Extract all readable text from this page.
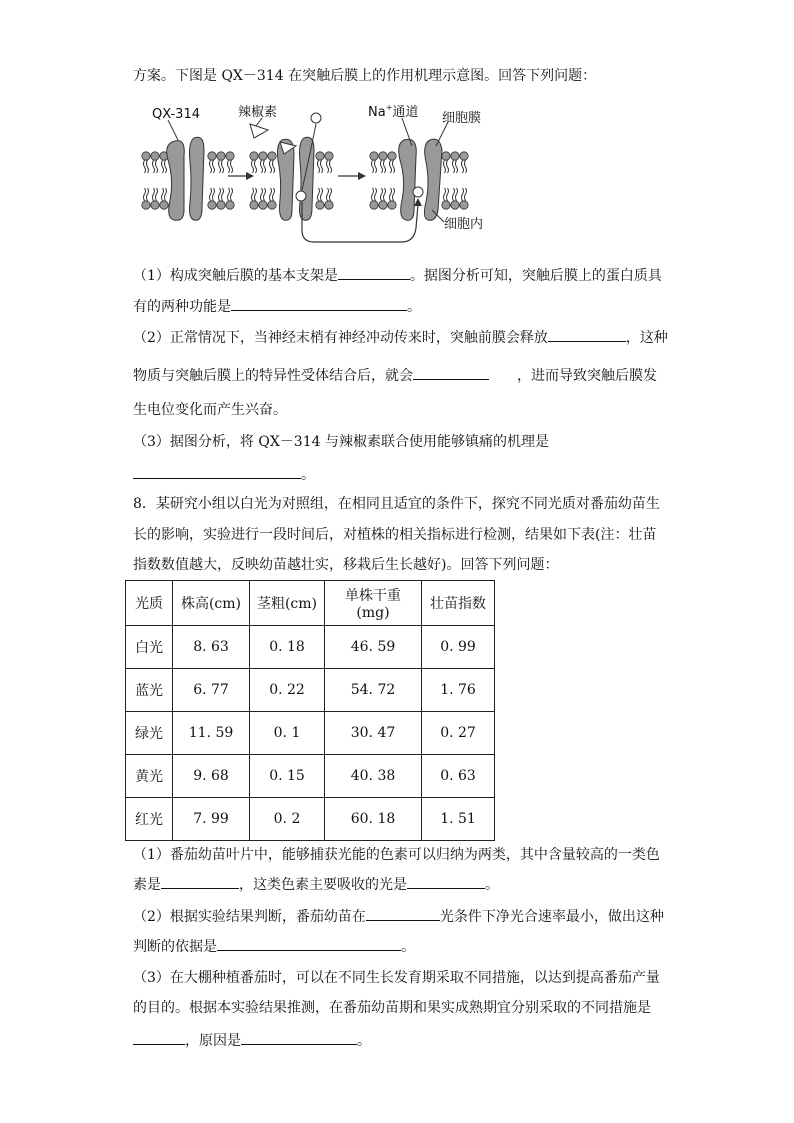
方案。下图是 QX－314 在突触后膜上的作用机理示意图。回答下列问题：
QX-314	辣椒素	Na+通道 细胞膜
细胞内
（1）构成突触后膜的基本支架是	。据图分析可知，突触后膜上的蛋白质具
有的两种功能是	。
（2）正常情况下，当神经末梢有神经冲动传来时，突触前膜会释放	，这种
物质与突触后膜上的特异性受体结合后，就会	，进而导致突触后膜发
生电位变化而产生兴奋。
（3）据图分析，将 QX－314 与辣椒素联合使用能够镇痛的机理是
。
8．某研究小组以白光为对照组，在相同且适宜的条件下，探究不同光质对番茄幼苗生
长的影响，实验进行一段时间后，对植株的相关指标进行检测，结果如下表(注：壮苗
指数数值越大，反映幼苗越壮实，移栽后生长越好)。回答下列问题：
光质	株高(cm)	茎粗(cm)	单株干重(mg)	壮苗指数
白光	8. 63	0. 18	46. 59	0. 99
蓝光	6. 77	0. 22	54. 72	1. 76
绿光	11. 59	0. 1	30. 47	0. 27
黄光	9. 68	0. 15	40. 38	0. 63
红光	7. 99	0. 2	60. 18	1. 51
（1）番茄幼苗叶片中，能够捕获光能的色素可以归纳为两类，其中含量较高的一类色
素是	，这类色素主要吸收的光是	。
（2）根据实验结果判断，番茄幼苗在	光条件下净光合速率最小，做出这种
判断的依据是	。
（3）在大棚种植番茄时，可以在不同生长发育期采取不同措施，以达到提高番茄产量
的目的。根据本实验结果推测，在番茄幼苗期和果实成熟期宜分别采取的不同措施是
，原因是	。
